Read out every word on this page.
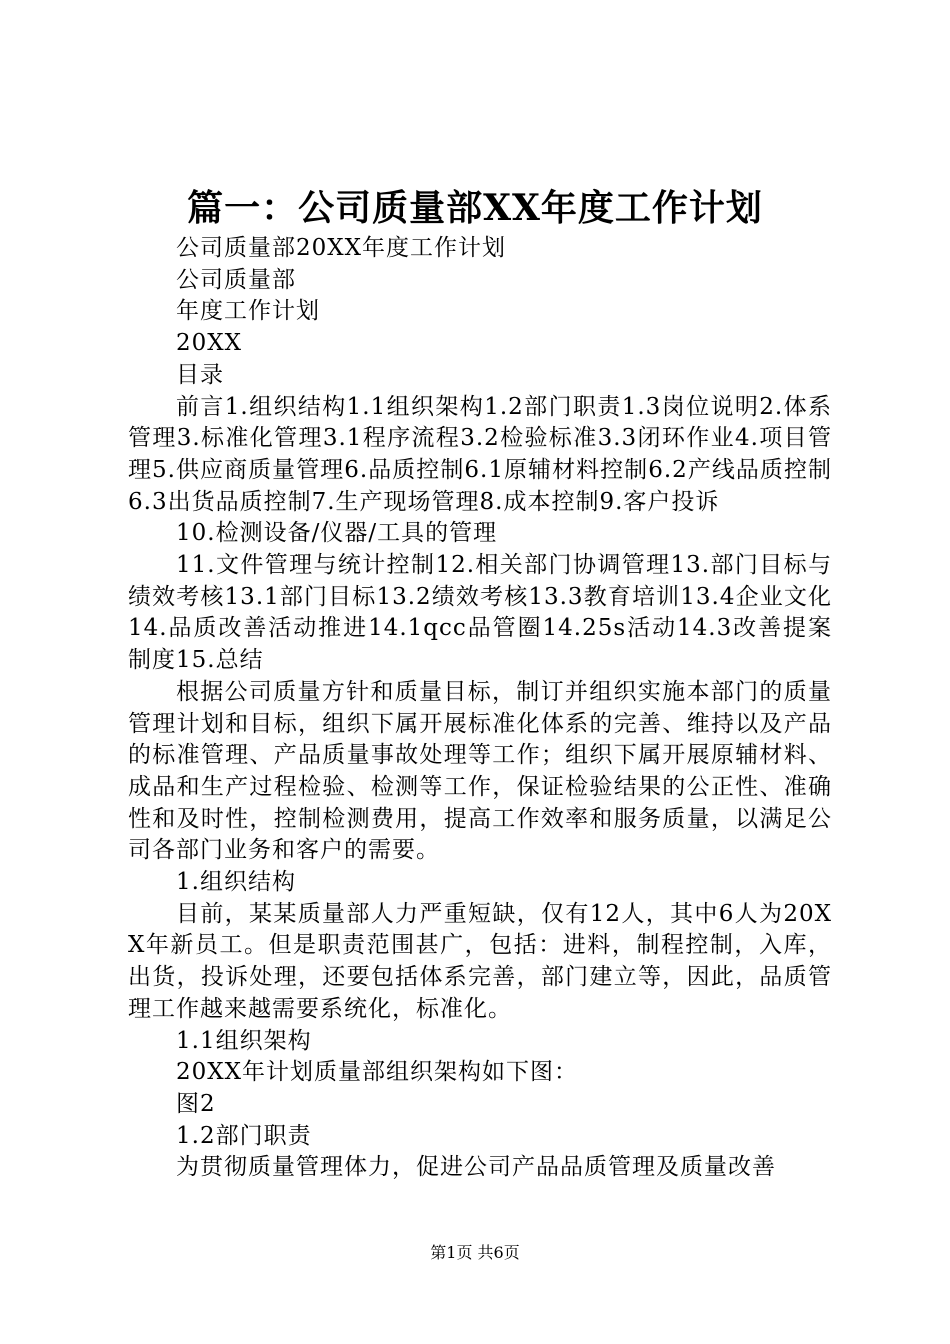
篇一：公司质量部XX年度工作计划

公司质量部20XX年度工作计划

公司质量部

年度工作计划

20XX

目录

前言1.组织结构1.1组织架构1.2部门职责1.3岗位说明2.体系管理3.标准化管理3.1程序流程3.2检验标准3.3闭环作业4.项目管理5.供应商质量管理6.品质控制6.1原辅材料控制6.2产线品质控制6.3出货品质控制7.生产现场管理8.成本控制9.客户投诉

10.检测设备/仪器/工具的管理

11.文件管理与统计控制12.相关部门协调管理13.部门目标与绩效考核13.1部门目标13.2绩效考核13.3教育培训13.4企业文化14.品质改善活动推进14.1qcc品管圈14.25s活动14.3改善提案制度15.总结

根据公司质量方针和质量目标，制订并组织实施本部门的质量管理计划和目标，组织下属开展标准化体系的完善、维持以及产品的标准管理、产品质量事故处理等工作；组织下属开展原辅材料、成品和生产过程检验、检测等工作，保证检验结果的公正性、准确性和及时性，控制检测费用，提高工作效率和服务质量，以满足公司各部门业务和客户的需要。

1.组织结构

目前，某某质量部人力严重短缺，仅有12人，其中6人为20XX年新员工。但是职责范围甚广，包括：进料，制程控制，入库，出货，投诉处理，还要包括体系完善，部门建立等，因此，品质管理工作越来越需要系统化，标准化。

1.1组织架构

20XX年计划质量部组织架构如下图：

图2

1.2部门职责

为贯彻质量管理体力，促进公司产品品质管理及质量改善

第1页 共6页
